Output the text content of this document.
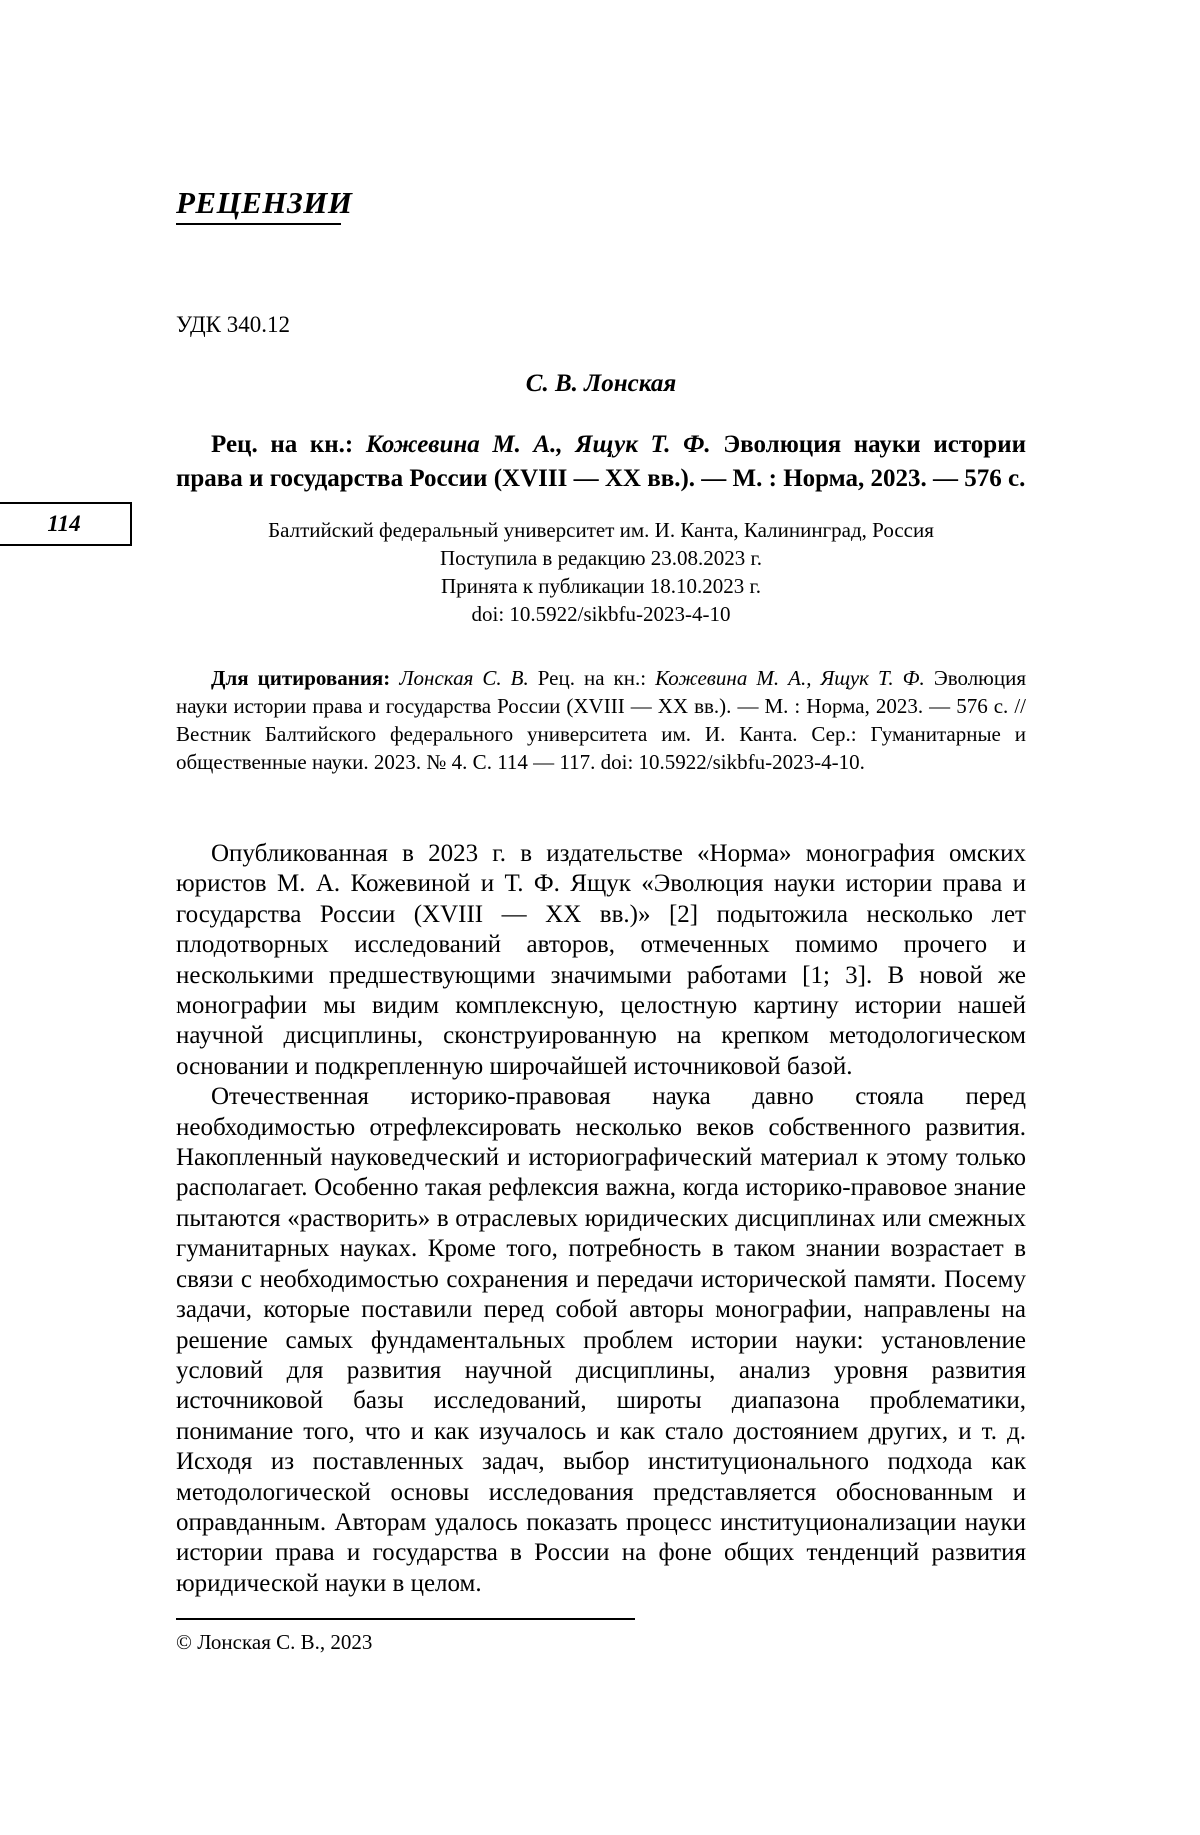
РЕЦЕНЗИИ
УДК 340.12
С. В. Лонская
Рец. на кн.: Кожевина М. А., Ящук Т. Ф. Эволюция науки истории права и государства России (XVIII — XX вв.). — М. : Норма, 2023. — 576 с.
114	Балтийский федеральный университет им. И. Канта, Калининград, Россия
Поступила в редакцию 23.08.2023 г.
Принята к публикации 18.10.2023 г.
doi: 10.5922/sikbfu-2023-4-10
Для цитирования: Лонская С. В. Рец. на кн.: Кожевина М. А., Ящук Т. Ф. Эволюция науки истории права и государства России (XVIII — XX вв.). — М. : Норма, 2023. — 576 с. // Вестник Балтийского федерального университета им. И. Канта. Сер.: Гуманитарные и общественные науки. 2023. № 4. С. 114 — 117. doi: 10.5922/sikbfu-2023-4-10.

Опубликованная в 2023 г. в издательстве «Норма» монография омских юристов М. А. Кожевиной и Т. Ф. Ящук «Эволюция науки истории права и государства России (XVIII — XX вв.)» [2] подытожила несколько лет плодотворных исследований авторов, отмеченных помимо прочего и несколькими предшествующими значимыми работами [1; 3]. В новой же монографии мы видим комплексную, целостную картину истории нашей научной дисциплины, сконструированную на крепком методологическом основании и подкрепленную широчайшей источниковой базой.

Отечественная историко-правовая наука давно стояла перед необходимостью отрефлексировать несколько веков собственного развития. Накопленный науковедческий и историографический материал к этому только располагает. Особенно такая рефлексия важна, когда историко-правовое знание пытаются «растворить» в отраслевых юридических дисциплинах или смежных гуманитарных науках. Кроме того, потребность в таком знании возрастает в связи с необходимостью сохранения и передачи исторической памяти. Посему задачи, которые поставили перед собой авторы монографии, направлены на решение самых фундаментальных проблем истории науки: установление условий для развития научной дисциплины, анализ уровня развития источниковой базы исследований, широты диапазона проблематики, понимание того, что и как изучалось и как стало достоянием других, и т. д. Исходя из поставленных задач, выбор институционального подхода как методологической основы исследования представляется обоснованным и оправданным. Авторам удалось показать процесс институционализации науки истории права и государства в России на фоне общих тенденций развития юридической науки в целом.

© Лонская С. В., 2023
